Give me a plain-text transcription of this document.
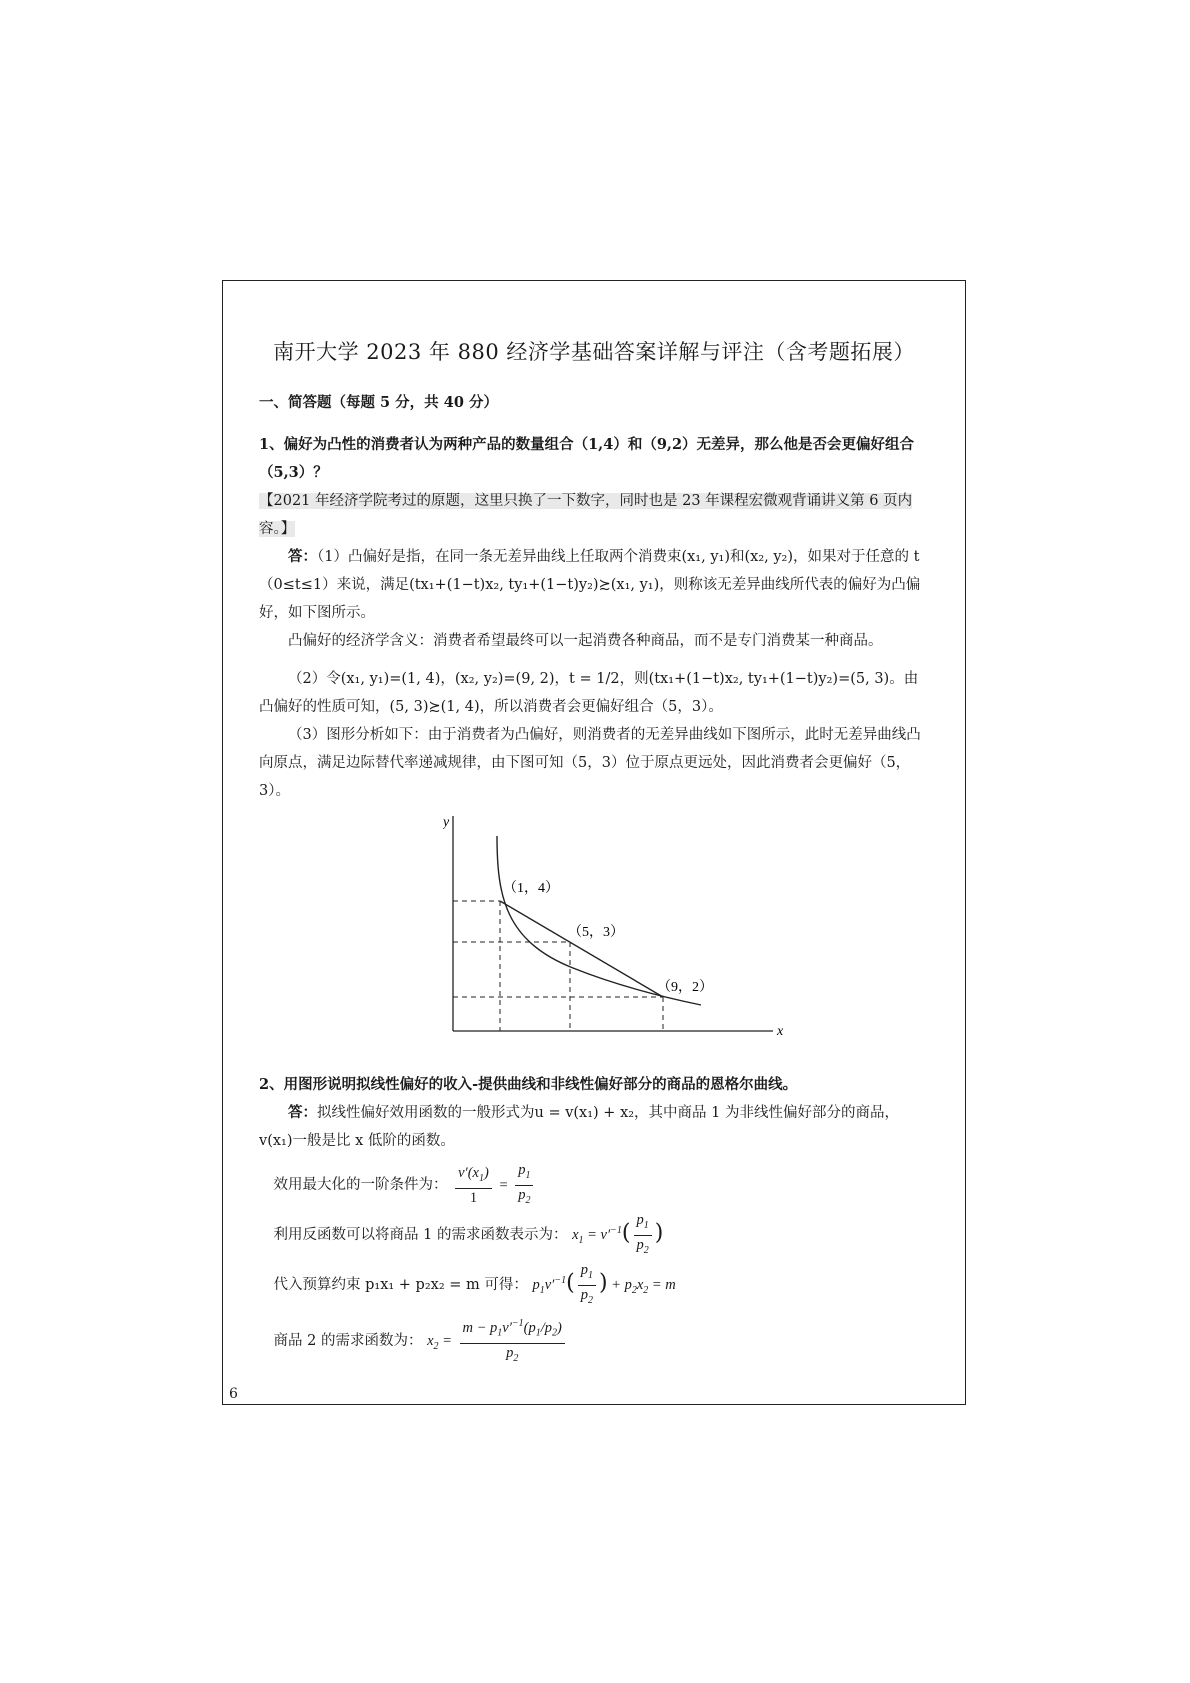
南开大学 2023 年 880 经济学基础答案详解与评注（含考题拓展）
一、简答题（每题 5 分，共 40 分）
1、偏好为凸性的消费者认为两种产品的数量组合（1,4）和（9,2）无差异，那么他是否会更偏好组合（5,3）？
【2021 年经济学院考过的原题，这里只换了一下数字，同时也是 23 年课程宏微观背诵讲义第 6 页内容。】
答：（1）凸偏好是指，在同一条无差异曲线上任取两个消费束(x₁, y₁)和(x₂, y₂)，如果对于任意的 t（0≤t≤1）来说，满足(tx₁+(1−t)x₂, ty₁+(1−t)y₂)≿(x₁, y₁)，则称该无差异曲线所代表的偏好为凸偏好，如下图所示。
凸偏好的经济学含义：消费者希望最终可以一起消费各种商品，而不是专门消费某一种商品。
（2）令(x₁, y₁)=(1, 4)，(x₂, y₂)=(9, 2)，t = 1/2，则(tx₁+(1−t)x₂, ty₁+(1−t)y₂)=(5, 3)。由凸偏好的性质可知，(5, 3)≿(1, 4)，所以消费者会更偏好组合（5，3）。
（3）图形分析如下：由于消费者为凸偏好，则消费者的无差异曲线如下图所示，此时无差异曲线凸向原点，满足边际替代率递减规律，由下图可知（5，3）位于原点更远处，因此消费者会更偏好（5，3）。
y
x
（1，4）
（5，3）
（9，2）
2、用图形说明拟线性偏好的收入-提供曲线和非线性偏好部分的商品的恩格尔曲线。
答：拟线性偏好效用函数的一般形式为u = v(x₁) + x₂，其中商品 1 为非线性偏好部分的商品，v(x₁)一般是比 x 低阶的函数。
效用最大化的一阶条件为： $\frac{v'(x_1)}{1} = \frac{p_1}{p_2}$
利用反函数可以将商品 1 的需求函数表示为： $x_1 = v'^{-1}( \frac{p_1}{p_2}$ )
代入预算约束 p₁x₁ + p₂x₂ = m 可得： $p_1v'^{-1}( \frac{p_1}{p_2}$ ) + $p_2x_2 = m$
商品 2 的需求函数为： $x_2 = \frac{m - p_1v'^{-1}(p_1/p_2)}{p_2}$
6
